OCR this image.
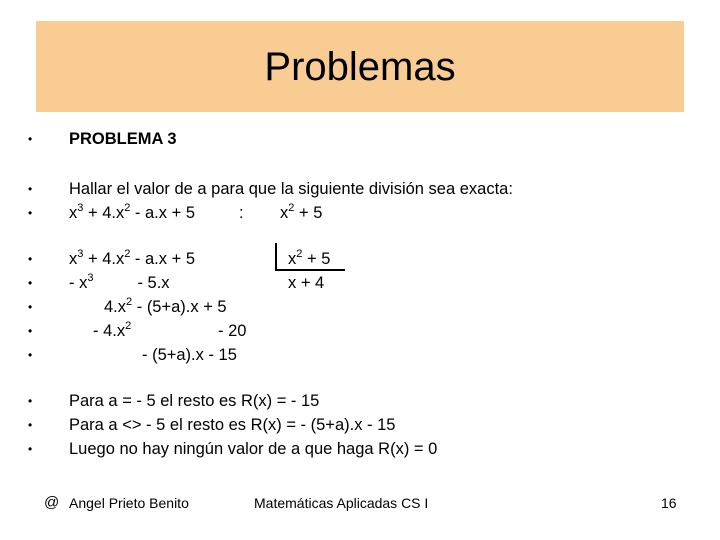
Problemas
•	PROBLEMA 3
•	Hallar el valor de a para que la siguiente división sea exacta:
•	$x^3 + 4.x^2 - a.x + 5$	: $x^2 + 5$
•	$x^3 + 4.x^2 - a.x + 5$	$x^2 + 5$
•	- $x^3$	- 5.x	x + 4
•	$4.x^2 - (5+a).x + 5$
•	- $4.x^2$	- 20
•	- (5+a).x - 15
•	Para a = - 5 el resto es R(x) = - 15
•	Para a <> - 5 el resto es R(x) = - (5+a).x - 15
•	Luego no hay ningún valor de a que haga R(x) = 0
@ Angel Prieto Benito	Matemáticas Aplicadas CS I	16
